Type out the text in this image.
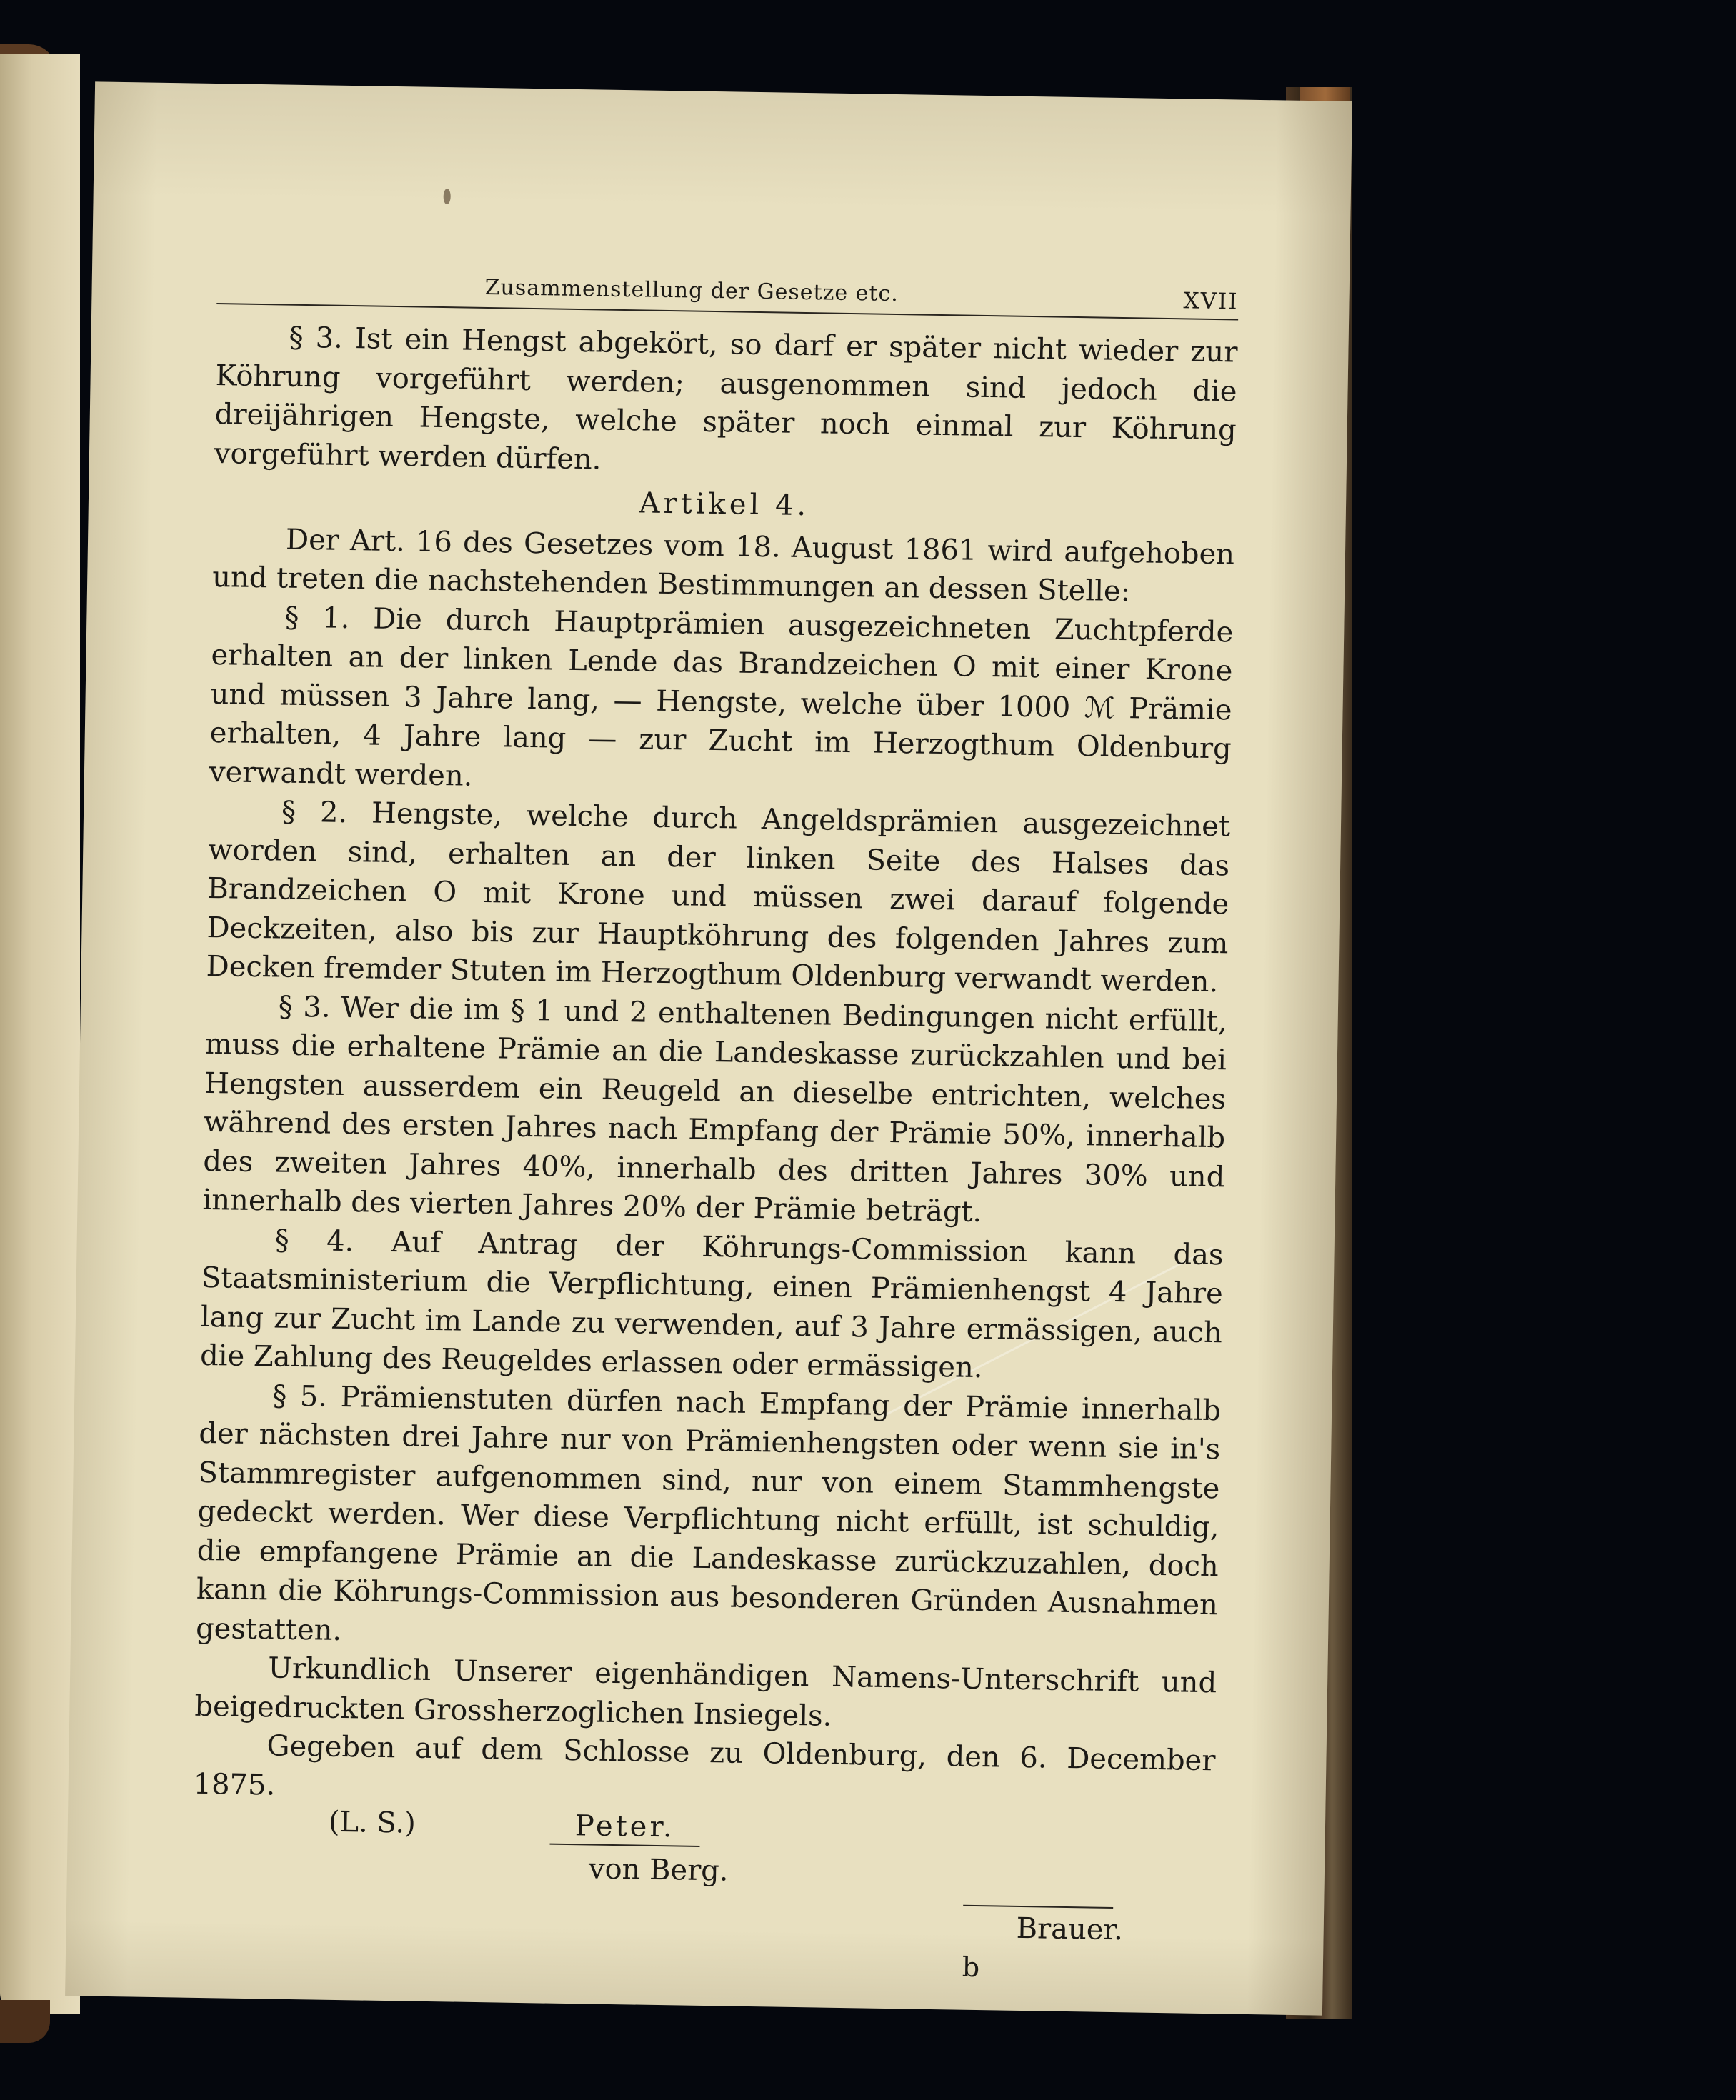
Zusammenstellung der Gesetze etc.	XVII

§ 3. Ist ein Hengst abgekört, so darf er später nicht wieder zur Köhrung vorgeführt werden; ausgenommen sind jedoch die dreijährigen Hengste, welche später noch einmal zur Köhrung vorgeführt werden dürfen.

Artikel 4.

Der Art. 16 des Gesetzes vom 18. August 1861 wird aufgehoben und treten die nachstehenden Bestimmungen an dessen Stelle:

§ 1. Die durch Hauptprämien ausgezeichneten Zuchtpferde erhalten an der linken Lende das Brandzeichen O mit einer Krone und müssen 3 Jahre lang, — Hengste, welche über 1000 ℳ Prämie erhalten, 4 Jahre lang — zur Zucht im Herzogthum Oldenburg verwandt werden.

§ 2. Hengste, welche durch Angeldsprämien ausgezeichnet worden sind, erhalten an der linken Seite des Halses das Brandzeichen O mit Krone und müssen zwei darauf folgende Deckzeiten, also bis zur Hauptköhrung des folgenden Jahres zum Decken fremder Stuten im Herzogthum Oldenburg verwandt werden.

§ 3. Wer die im § 1 und 2 enthaltenen Bedingungen nicht erfüllt, muss die erhaltene Prämie an die Landeskasse zurückzahlen und bei Hengsten ausserdem ein Reugeld an dieselbe entrichten, welches während des ersten Jahres nach Empfang der Prämie 50%, innerhalb des zweiten Jahres 40%, innerhalb des dritten Jahres 30% und innerhalb des vierten Jahres 20% der Prämie beträgt.

§ 4. Auf Antrag der Köhrungs-Commission kann das Staatsministerium die Verpflichtung, einen Prämienhengst 4 Jahre lang zur Zucht im Lande zu verwenden, auf 3 Jahre ermässigen, auch die Zahlung des Reugeldes erlassen oder ermässigen.

§ 5. Prämienstuten dürfen nach Empfang der Prämie innerhalb der nächsten drei Jahre nur von Prämienhengsten oder wenn sie in's Stammregister aufgenommen sind, nur von einem Stammhengste gedeckt werden. Wer diese Verpflichtung nicht erfüllt, ist schuldig, die empfangene Prämie an die Landeskasse zurückzuzahlen, doch kann die Köhrungs-Commission aus besonderen Gründen Ausnahmen gestatten.

Urkundlich Unserer eigenhändigen Namens-Unterschrift und beigedruckten Grossherzoglichen Insiegels.

Gegeben auf dem Schlosse zu Oldenburg, den 6. December 1875.

(L. S.)	Peter.
von Berg.
Brauer.
b
